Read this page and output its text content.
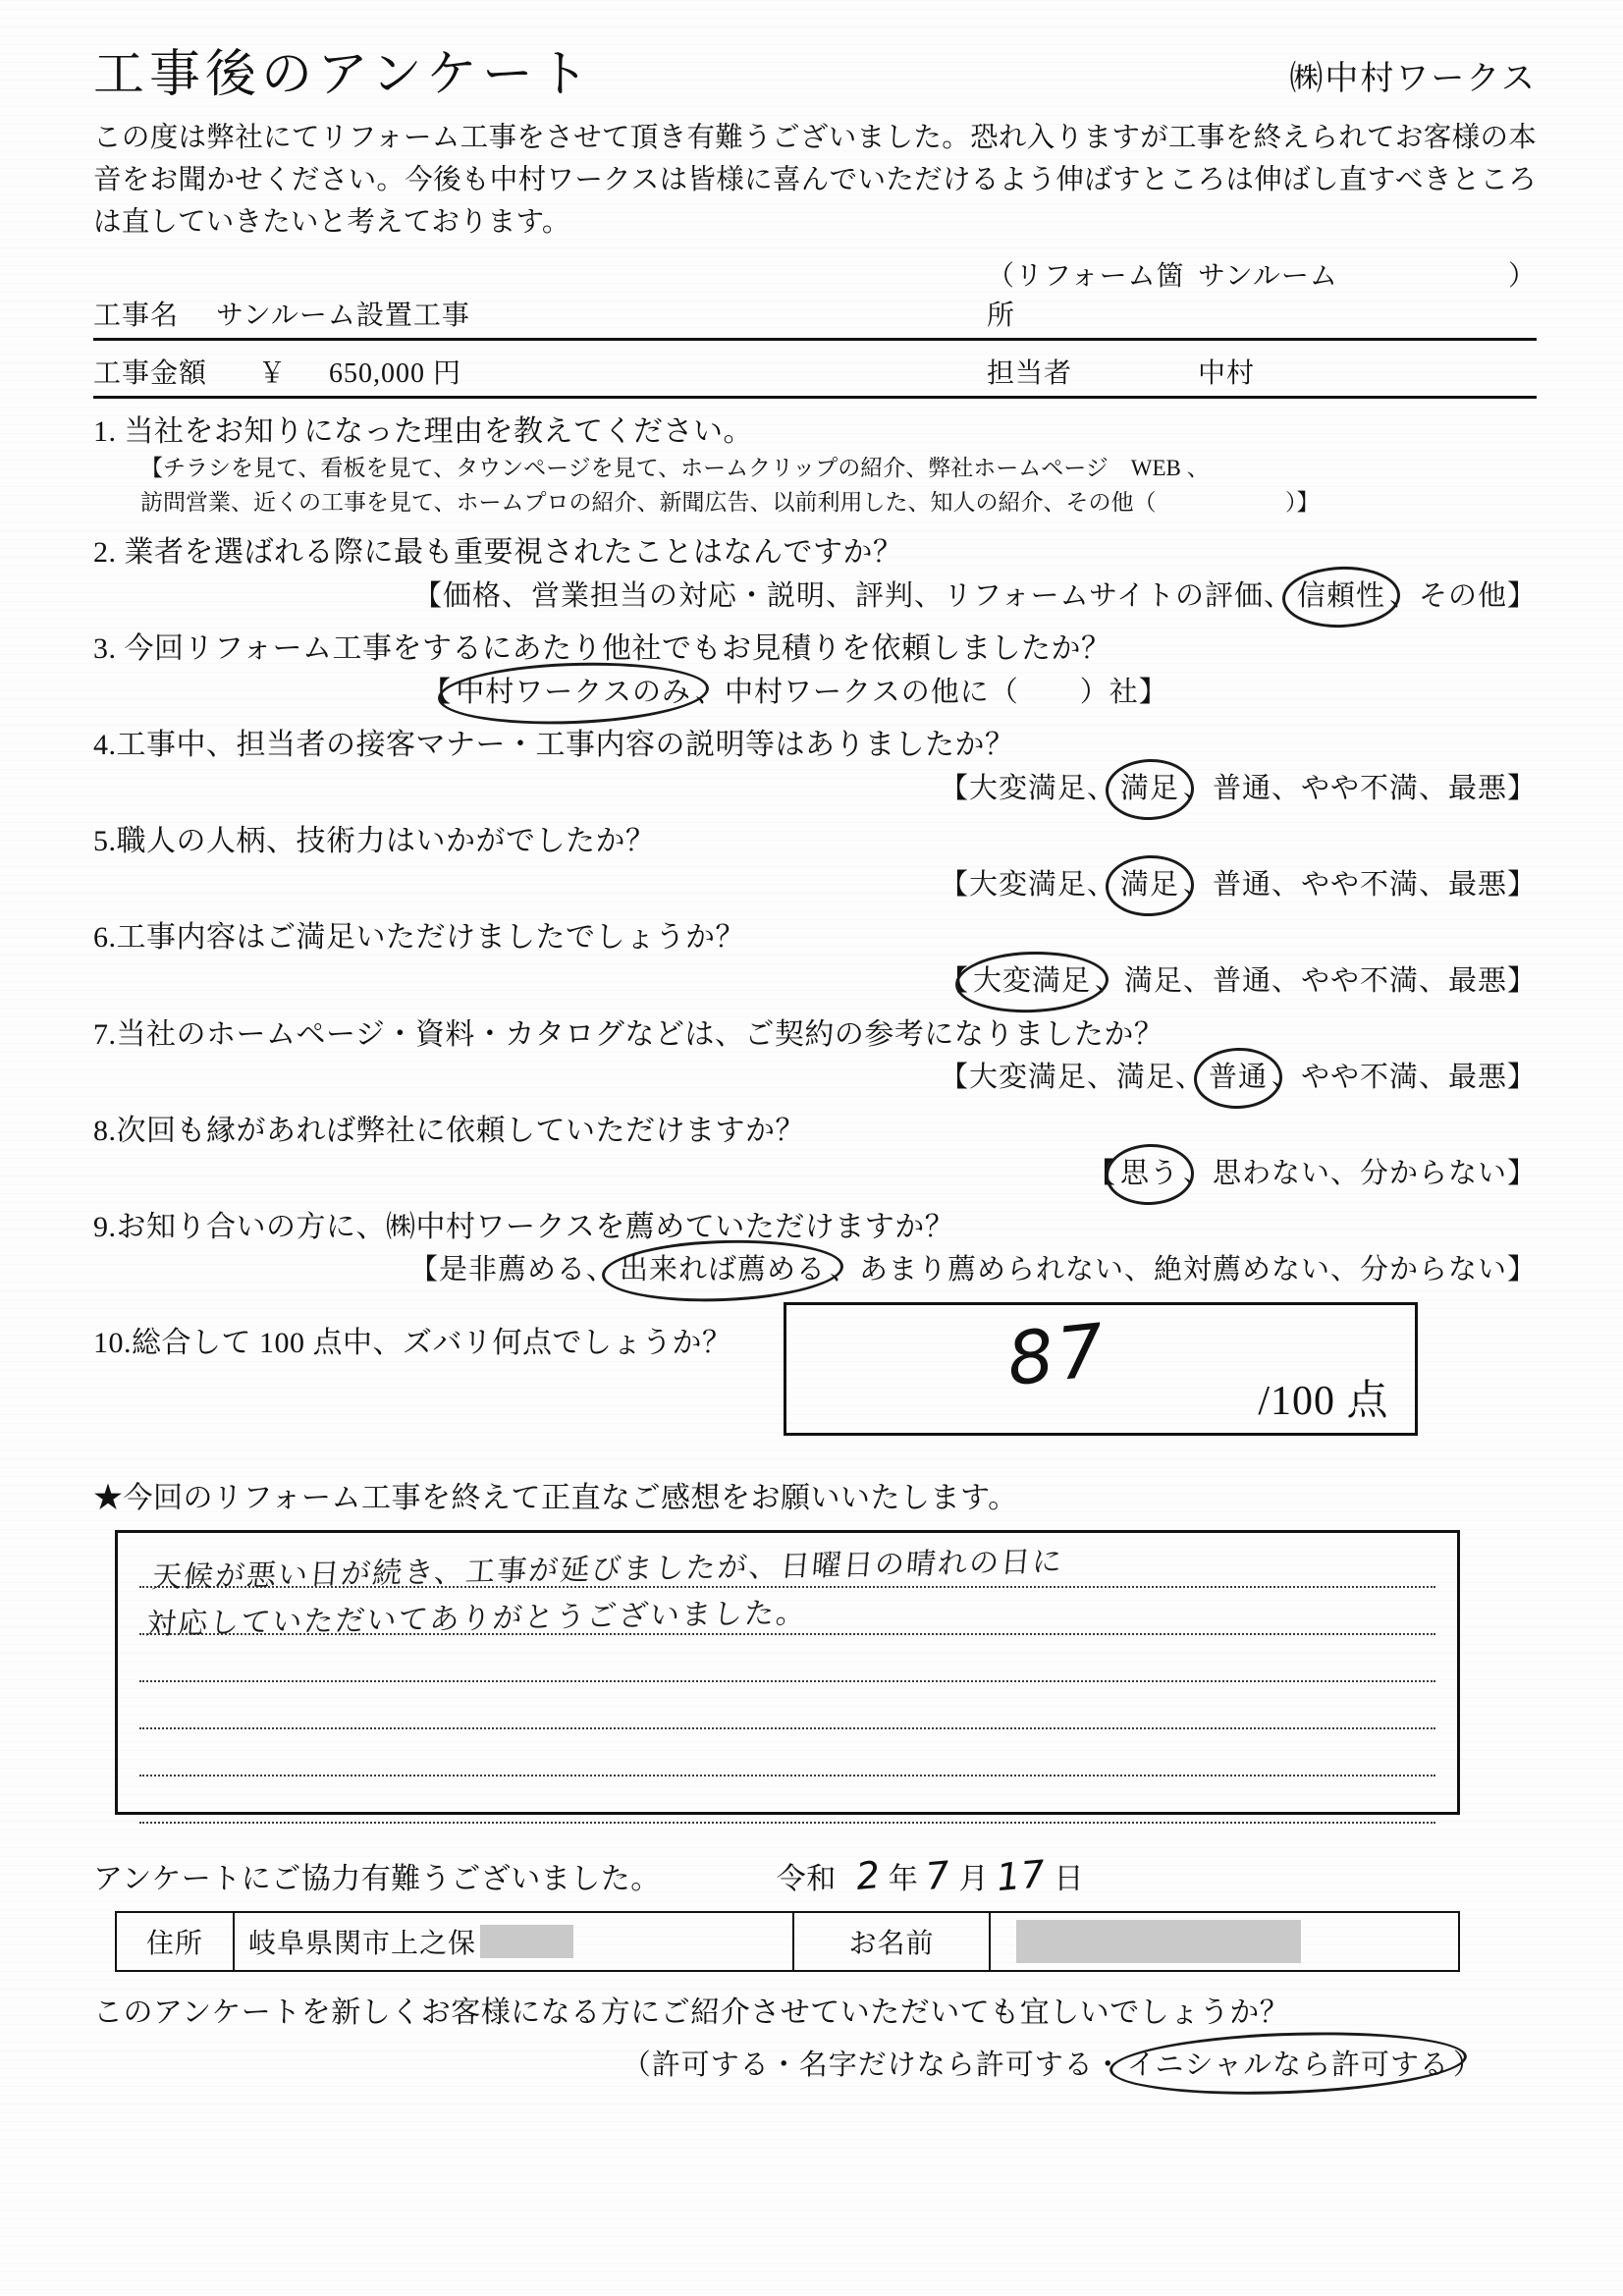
工事後のアンケート	㈱中村ワークス
この度は弊社にてリフォーム工事をさせて頂き有難うございました。恐れ入りますが工事を終えられてお客様の本音をお聞かせください。今後も中村ワークスは皆様に喜んでいただけるよう伸ばすところは伸ばし直すべきところは直していきたいと考えております。
工事名	サンルーム設置工事
（リフォーム箇所
サンルーム	）
工事金額	￥	650,000 円	担当者	中村
1. 当社をお知りになった理由を教えてください。
【チラシを見て、看板を見て、タウンページを見て、ホームクリップの紹介、弊社ホームページ　WEB 、
訪問営業、近くの工事を見て、ホームプロの紹介、新聞広告、以前利用した、知人の紹介、その他（	）】
2. 業者を選ばれる際に最も重要視されたことはなんですか？
【価格、営業担当の対応・説明、評判、リフォームサイトの評価、 信頼性 、その他】
3. 今回リフォーム工事をするにあたり他社でもお見積りを依頼しましたか？
【 中村ワークスのみ 、中村ワークスの他に（ ）社】
4.工事中、担当者の接客マナー・工事内容の説明等はありましたか？
【大変満足、 満足 、普通、やや不満、最悪】
5.職人の人柄、技術力はいかがでしたか？
【大変満足、 満足 、普通、やや不満、最悪】
6.工事内容はご満足いただけましたでしょうか？
【 大変満足 、満足、普通、やや不満、最悪】
7.当社のホームページ・資料・カタログなどは、ご契約の参考になりましたか？
【大変満足、満足、 普通 、やや不満、最悪】
8.次回も縁があれば弊社に依頼していただけますか？
【 思う 、思わない、分からない】
9.お知り合いの方に、㈱中村ワークスを薦めていただけますか？
【是非薦める、 出来れば薦める 、あまり薦められない、絶対薦めない、分からない】
10.総合して 100 点中、ズバリ何点でしょうか？	87	/100 点
★今回のリフォーム工事を終えて正直なご感想をお願いいたします。
天候が悪い日が続き、工事が延びましたが、日曜日の晴れの日に
対応していただいてありがとうございました。
アンケートにご協力有難うございました。	令和 2 年 7 月 17 日
住所	岐阜県関市上之保	お名前
このアンケートを新しくお客様になる方にご紹介させていただいても宜しいでしょうか？
（許可する・名字だけなら許可する・ イニシャルなら許可する ）
